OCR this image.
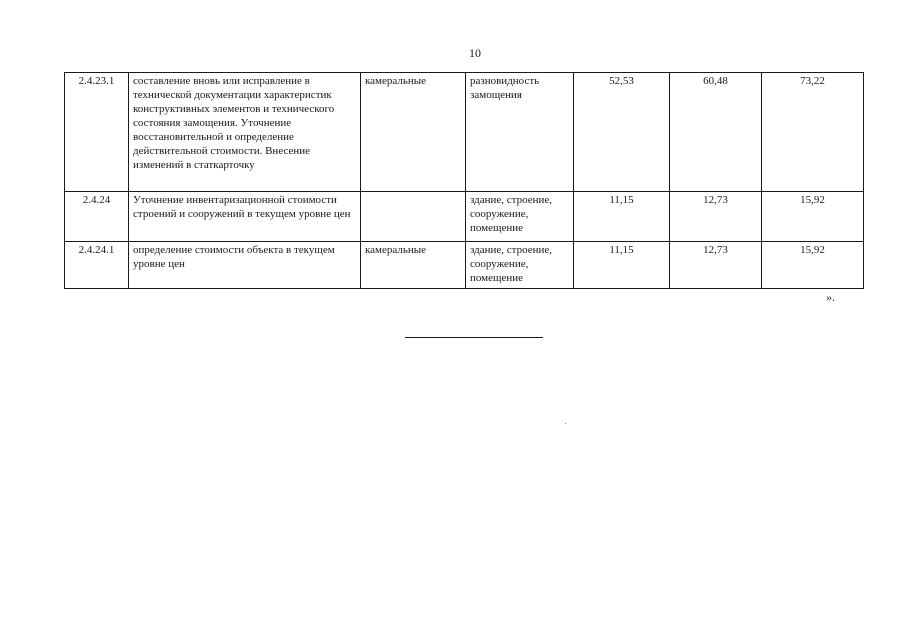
10
2.4.23.1	составление вновь или исправление в технической документации характеристик конструктивных элементов и технического состояния замощения. Уточнение восстановительной и определение действительной стоимости. Внесение изменений в статкарточку	камеральные	разновидность замощения	52,53	60,48	73,22
2.4.24	Уточнение инвентаризационной стоимости строений и сооружений в текущем уровне цен		здание, строение, сооружение, помещение	11,15	12,73	15,92
2.4.24.1	определение стоимости объекта в текущем уровне цен	камеральные	здание, строение, сооружение, помещение	11,15	12,73	15,92
».
